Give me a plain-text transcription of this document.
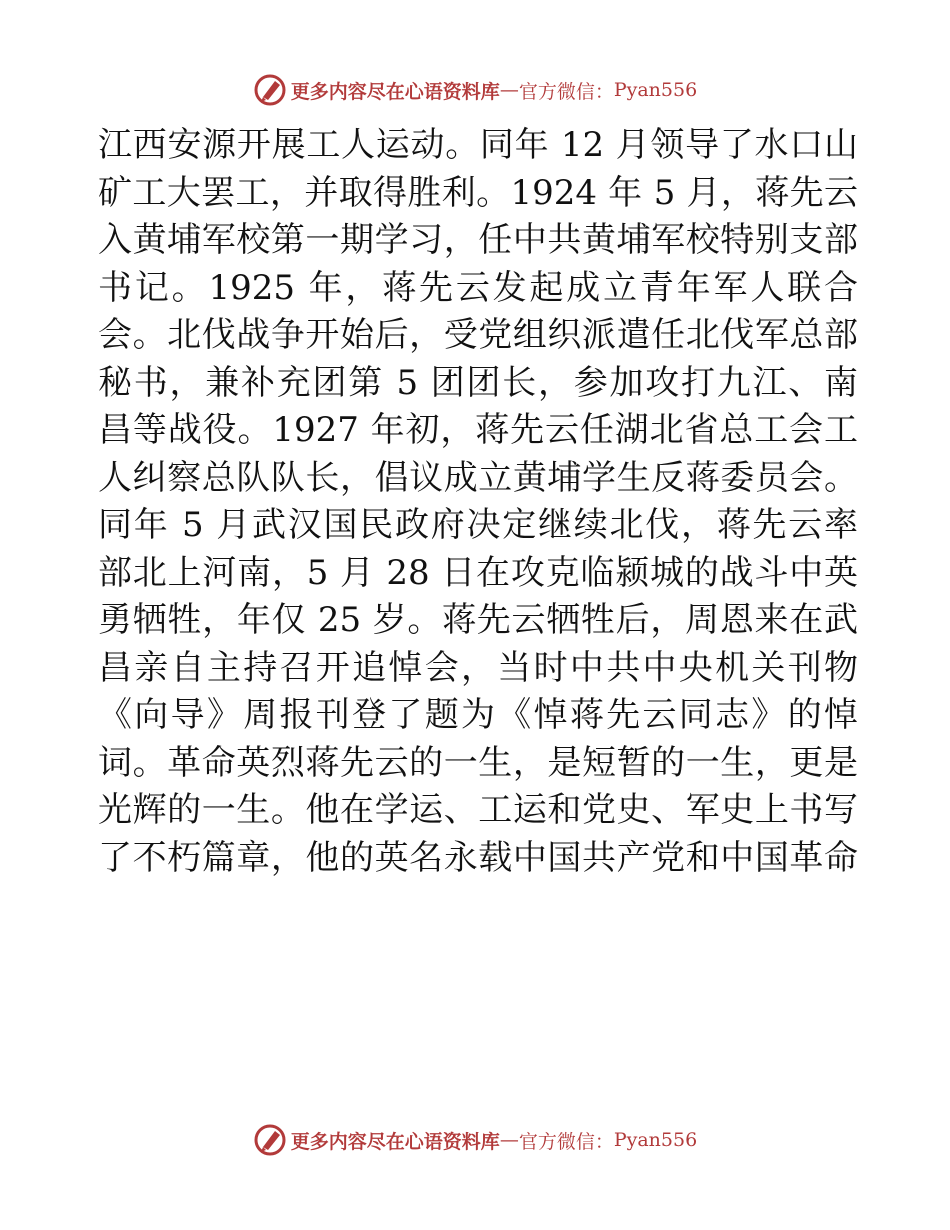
更多内容尽在心语资料库 — 官方微信： Pyan556
江西安源开展工人运动。同年 12 月领导了水口山
矿工大罢工，并取得胜利。1924 年 5 月，蒋先云
入黄埔军校第一期学习，任中共黄埔军校特别支部
书记。1925 年，蒋先云发起成立青年军人联合
会。北伐战争开始后，受党组织派遣任北伐军总部
秘书，兼补充团第 5 团团长，参加攻打九江、南
昌等战役。1927 年初，蒋先云任湖北省总工会工
人纠察总队队长，倡议成立黄埔学生反蒋委员会。
同年 5 月武汉国民政府决定继续北伐，蒋先云率
部北上河南，5 月 28 日在攻克临颍城的战斗中英
勇牺牲，年仅 25 岁。蒋先云牺牲后，周恩来在武
昌亲自主持召开追悼会，当时中共中央机关刊物
《向导》周报刊登了题为《悼蒋先云同志》的悼
词。革命英烈蒋先云的一生，是短暂的一生，更是
光辉的一生。他在学运、工运和党史、军史上书写
了不朽篇章，他的英名永载中国共产党和中国革命
更多内容尽在心语资料库 — 官方微信： Pyan556
